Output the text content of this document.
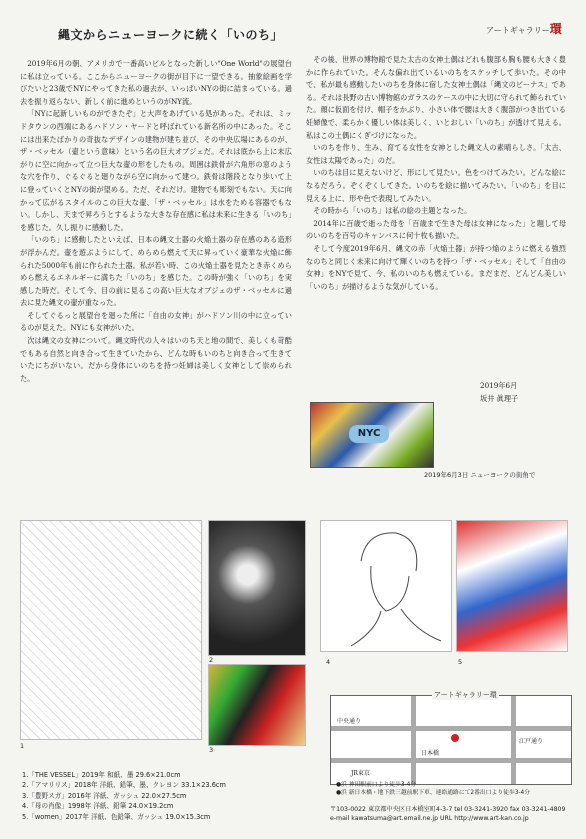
縄文からニューヨークに続く「いのち」	アートギャラリー環

2019年6月の朝、アメリカで一番高いビルとなった新しい"One World"の展望台に私は立っている。ここからニューヨークの街が目下に一望できる。抽象絵画を学びたいと23歳でNYにやってきた私の過去が、いっぱいNYの街に詰まっている。過去を振り返らない、新しく前に進めというのがNY流。

「NYに起新しいものができたぞ」と大声をあげている処があった。それは、ミッドタウンの西端にあるハドソン・ヤードと呼ばれている新名所の中にあった。そこには出来たばかりの奇抜なデザインの建物が建ち並び、その中央広場にあるのが、ザ・ベッセル（壷という意味）という名の巨大オブジェだ。それは底から上に末広がりに空に向かって立つ巨大な壷の形をしたもの。周囲は鉄骨が六角形の窓のような穴を作り、ぐるぐると廻りながら空に向かって建つ。鉄骨は階段となり歩いて上に登っていくとNYの街が望める。ただ、それだけ。建物でも彫刻でもない。天に向かって広がるスタイルのこの巨大な壷、「ザ・ベッセル」は水をためる容器でもない。しかし、天まで昇ろうとするような大きな存在感に私は未来に生きる「いのち」を感じた。久し振りに感動した。

「いのち」に感動したといえば、日本の縄文土器の火焔土器の存在感のある造形が浮かんだ。壷を遊ぶようにして、めらめら燃えて天に昇っていく豪華な火焔に飾られた5000年も前に作られた土器。私が若い時、この火焔土器を見たとき赤くめらめら燃えるエネルギーに満ちた「いのち」を感じた。この時が強く「いのち」を実感した時だ。そして今、目の前に見るこの高い巨大なオブジェのザ・ベッセルに過去に見た縄文の壷が重なった。

そしてぐるっと展望台を廻った所に「自由の女神」がハドソン川の中に立っているのが見えた。NYにも女神がいた。

次は縄文の女神について。縄文時代の人々はいのち天と地の間で、美しくも苛酷でもある自然と向き合って生きていたから、どんな時もいのちと向き合って生きていたにちがいない。だから身体にいのちを持つ妊婦は美しく女神として崇められた。

その後、世界の博物館で見た太古の女神土偶はどれも腹部も胸も腰も大きく豊かに作られていた。そんな偏れ出ているいのちをスケッチして歩いた。その中で、私が最も感動したいのちを身体に宿した女神土偶は「縄文のビーナス」である。それは長野の古い博物館のガラスのケースの中に大切に守られて飾られていた。顔に仮面を付け、帽子をかぶり、小さい体で腰は大きく腹部がつき出ている妊婦像で、柔らかく優しい体は美しく、いとおしい「いのち」が透けて見える。私はこの土偶にくぎづけになった。

いのちを作り、生み、育てる女性を女神とした縄文人の素晴らしさ。「太古、女性は太陽であった」のだ。

いのちは目に見えないけど、形にして見たい。色をつけてみたい。どんな絵になるだろう。ぞくぞくしてきた。いのちを絵に描いてみたい。「いのち」を目に見える上に、形や色で表現してみたい。

その時から「いのち」は私の絵の主題となった。

2014年に百歳で逝った母を「百歳まで生きた母は女神になった」と題して母のいのちを百号のキャンバスに何十枚も描いた。

そして今度2019年6月、縄文の赤「火焔土器」が持つ焔のように燃える強烈なのちと同じく未来に向けて輝くいのちを持つ「ザ・ベッセル」そして「自由の女神」をNYで見て、今、私のいのちも燃えている。まだまだ、どんどん美しい「いのち」が描けるような気がしている。

2019年6月
坂井 眞理子
NYC
2019年6月3日 ニューヨークの街角で
1
2
3
4	5
中央通り
江戸通り
日本橋
JR東京
アートギャラリー環
●浜 神田駅前口より徒歩3-4分
●浜 新日本橋・地下鉄三越前駅下車、連絡通路にて2番出口より徒歩3-4分
1.「THE VESSEL」2019年 和紙、墨 29.6×21.0cm
2.「アマリリス」2018年 洋紙、鉛筆、墨、クレヨン 33.1×23.6cm
3.「豊野スガ」2016年 洋紙、ガッシュ 22.0×27.5cm
4.「母の肖像」1998年 洋紙、鉛筆 24.0×19.2cm
5.「women」2017年 洋紙、色鉛筆、ガッシュ 19.0×15.3cm
〒103-0022 東京都中央区日本橋室町4-3-7 tel 03-3241-3920 fax 03-3241-4809
e-mail kawatsuma@art.email.ne.jp URL http://www.art-kan.co.jp
